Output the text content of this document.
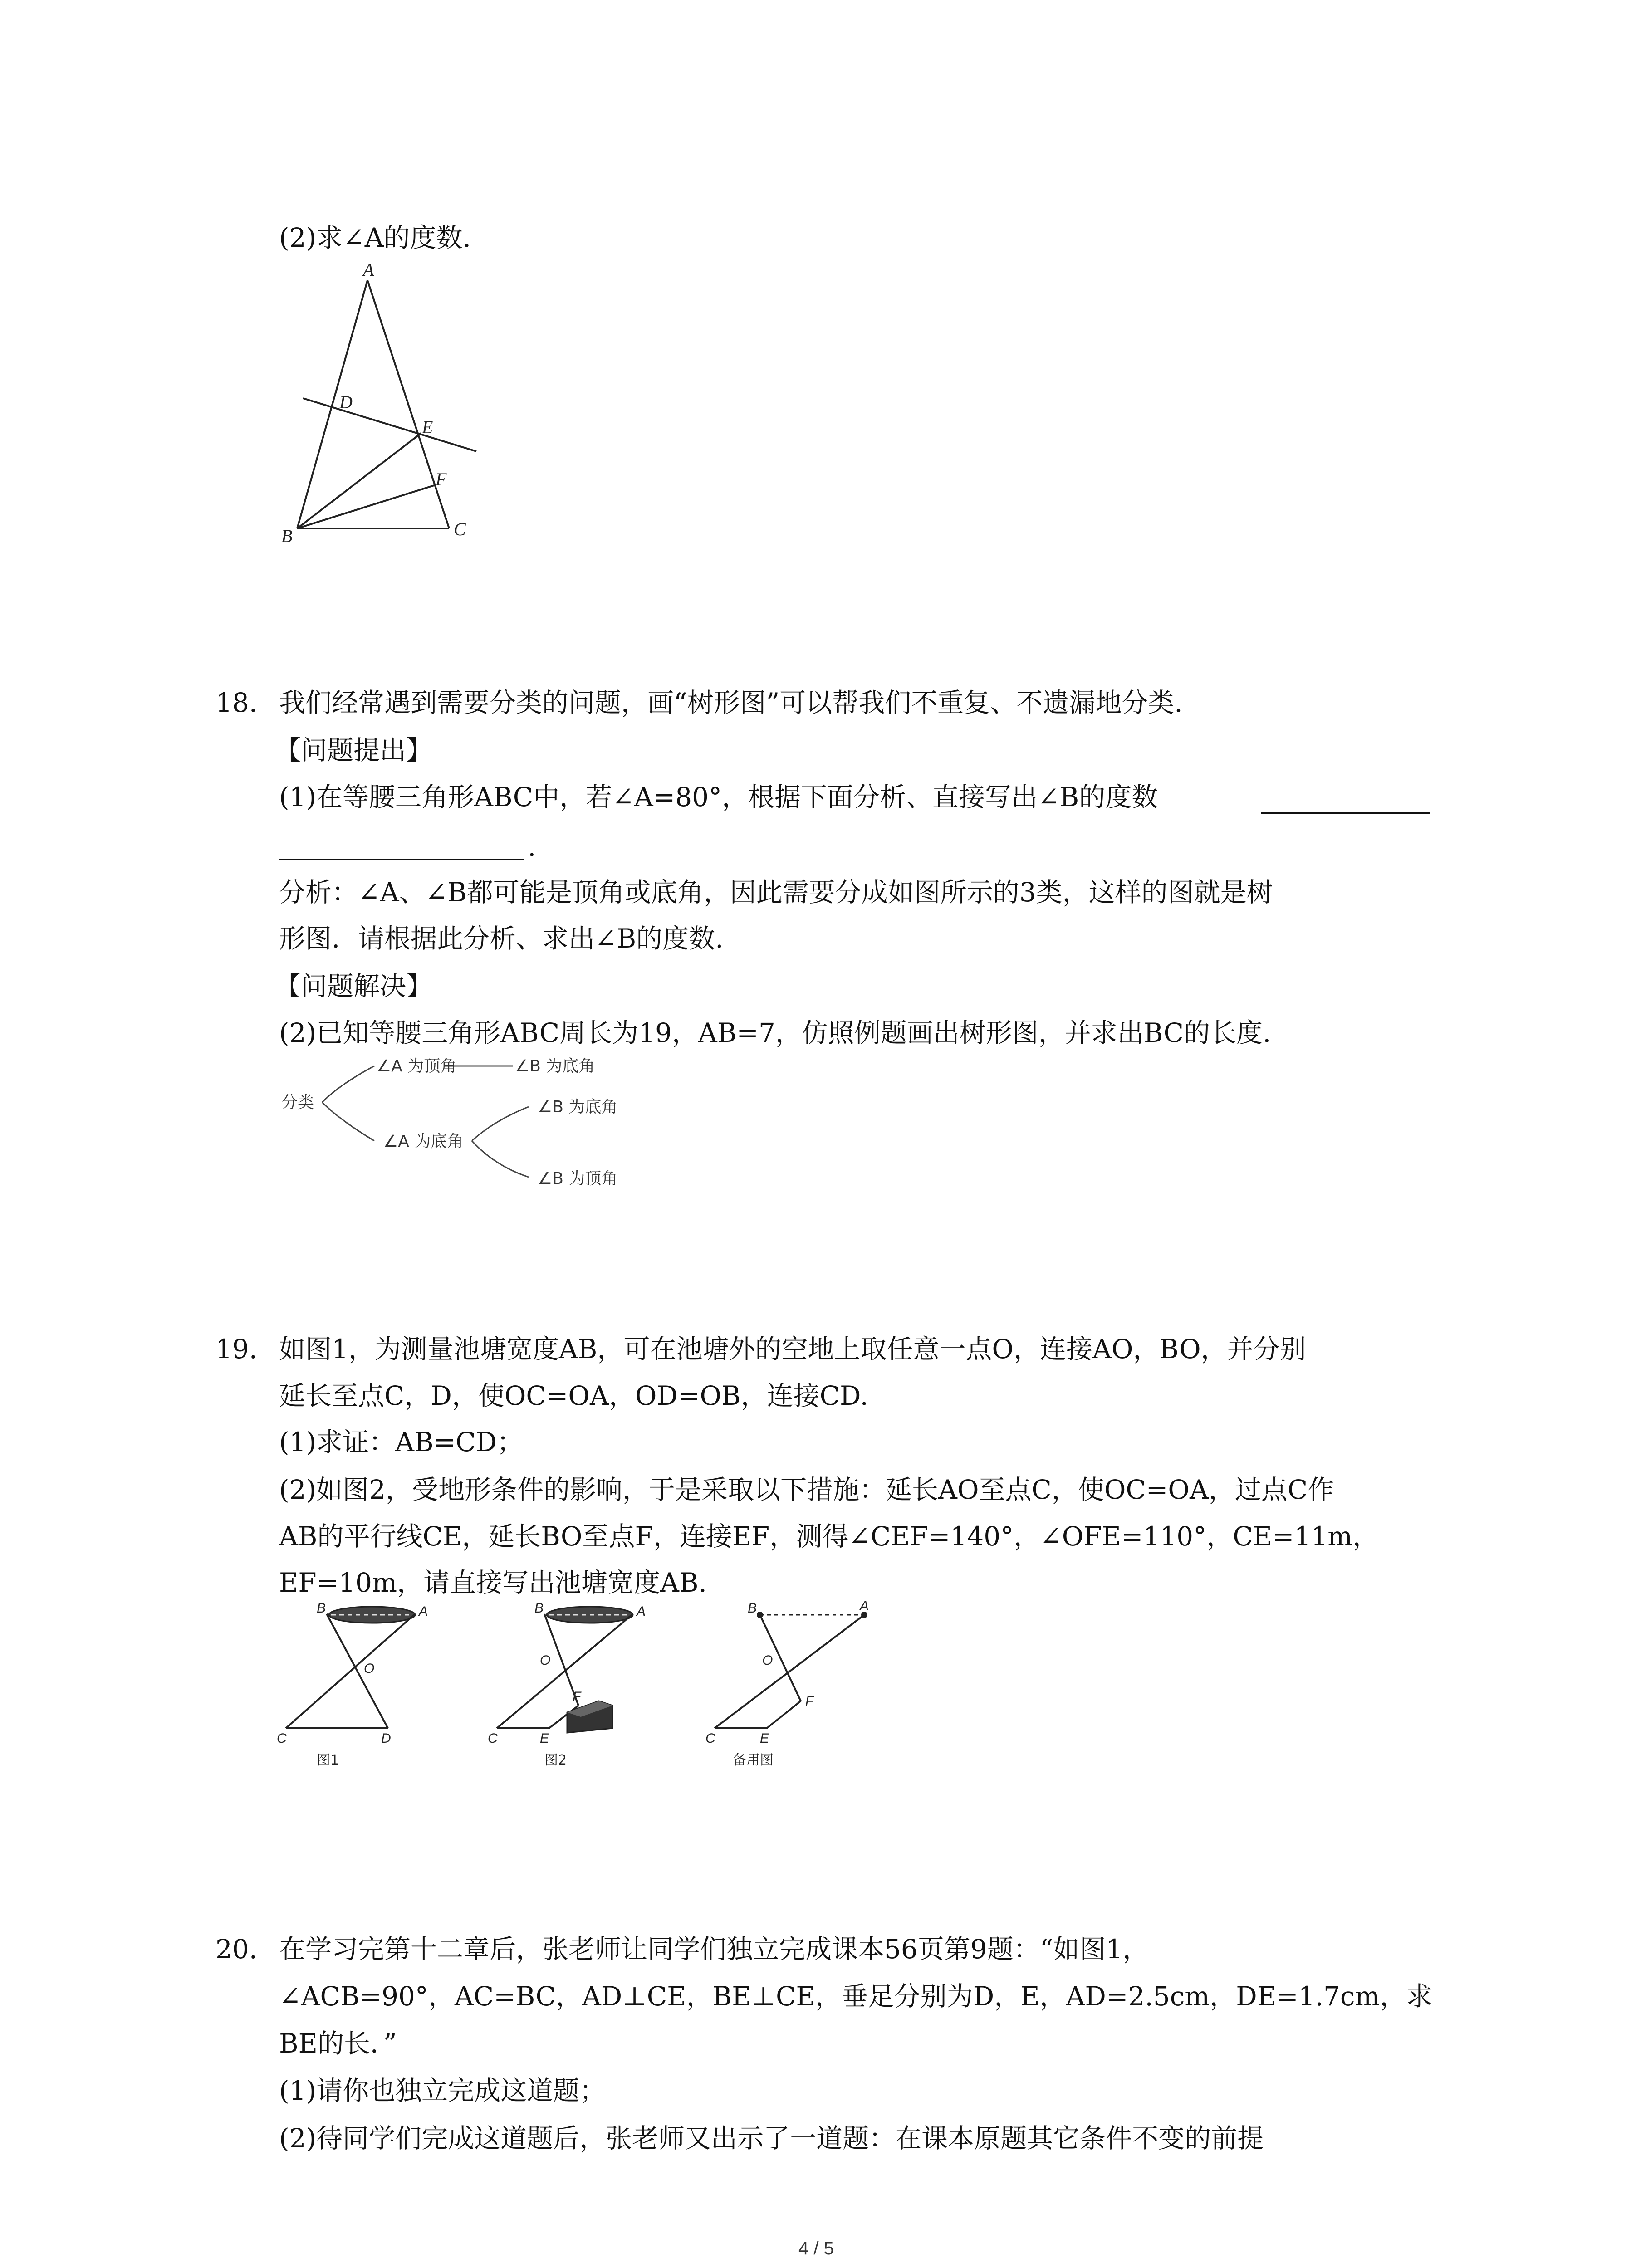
(2)求∠A的度数.
A
D
E
F
B	C
18. 我们经常遇到需要分类的问题，画“树形图”可以帮我们不重复、不遗漏地分类.
【问题提出】
(1)在等腰三角形ABC中，若∠A=80°，根据下面分析、直接写出∠B的度数
.
分析：∠A、∠B都可能是顶角或底角，因此需要分成如图所示的3类，这样的图就是树
形图．请根据此分析、求出∠B的度数.
【问题解决】
(2)已知等腰三角形ABC周长为19，AB=7，仿照例题画出树形图，并求出BC的长度.
分类
∠A 为顶角	∠B 为底角
∠A 为底角
∠B 为底角
∠B 为顶角
19. 如图1，为测量池塘宽度AB，可在池塘外的空地上取任意一点O，连接AO，BO，并分别
延长至点C，D，使OC=OA，OD=OB，连接CD.
(1)求证：AB=CD；
(2)如图2，受地形条件的影响，于是采取以下措施：延长AO至点C，使OC=OA，过点C作
AB的平行线CE，延长BO至点F，连接EF，测得∠CEF=140°，∠OFE=110°，CE=11m，
EF=10m，请直接写出池塘宽度AB.
B	A
O
C	D
图1
B	A
O
F
C	E
图2
B	A
O
F
C	E
备用图
20. 在学习完第十二章后，张老师让同学们独立完成课本56页第9题：“如图1，
∠ACB=90°，AC=BC，AD⊥CE，BE⊥CE，垂足分别为D，E，AD=2.5cm，DE=1.7cm，求
BE的长．”
(1)请你也独立完成这道题；
(2)待同学们完成这道题后，张老师又出示了一道题：在课本原题其它条件不变的前提
4 / 5
